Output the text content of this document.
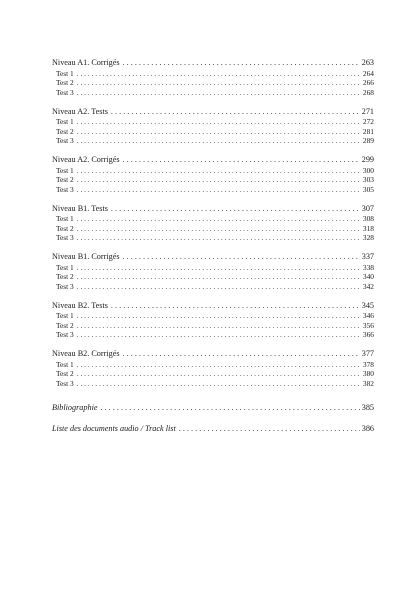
Niveau A1. Corrigés . . .	263
Test 1 . . .	264
Test 2 . . .	266
Test 3 . . .	268
Niveau A2. Tests . . .	271
Test 1 . . .	272
Test 2 . . .	281
Test 3 . . .	289
Niveau A2. Corrigés . . .	299
Test 1 . . .	300
Test 2 . . .	303
Test 3 . . .	305
Niveau B1. Tests . . .	307
Test 1 . . .	308
Test 2 . . .	318
Test 3 . . .	328
Niveau B1. Corrigés . . .	337
Test 1 . . .	338
Test 2 . . .	340
Test 3 . . .	342
Niveau B2. Tests . . .	345
Test 1 . . .	346
Test 2 . . .	356
Test 3 . . .	366
Niveau B2. Corrigés . . .	377
Test 1 . . .	378
Test 2 . . .	380
Test 3 . . .	382
Bibliographie . . .	385
Liste des documents audio / Track list . . .	386
